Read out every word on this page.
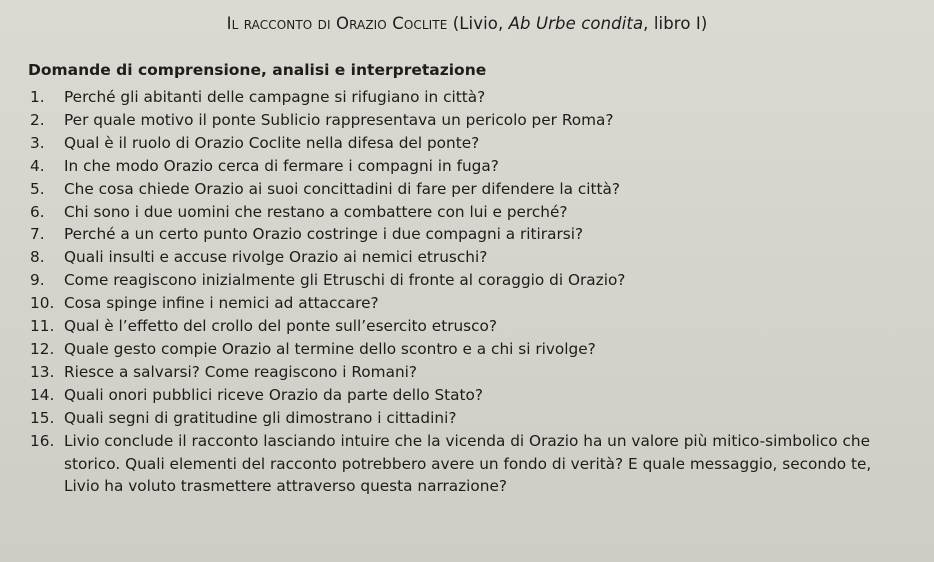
Il racconto di Orazio Coclite (Livio, Ab Urbe condita, libro I)
Domande di comprensione, analisi e interpretazione
1.	Perché gli abitanti delle campagne si rifugiano in città?
2.	Per quale motivo il ponte Sublicio rappresentava un pericolo per Roma?
3.	Qual è il ruolo di Orazio Coclite nella difesa del ponte?
4.	In che modo Orazio cerca di fermare i compagni in fuga?
5.	Che cosa chiede Orazio ai suoi concittadini di fare per difendere la città?
6.	Chi sono i due uomini che restano a combattere con lui e perché?
7.	Perché a un certo punto Orazio costringe i due compagni a ritirarsi?
8.	Quali insulti e accuse rivolge Orazio ai nemici etruschi?
9.	Come reagiscono inizialmente gli Etruschi di fronte al coraggio di Orazio?
10. Cosa spinge infine i nemici ad attaccare?
11. Qual è l’effetto del crollo del ponte sull’esercito etrusco?
12. Quale gesto compie Orazio al termine dello scontro e a chi si rivolge?
13. Riesce a salvarsi? Come reagiscono i Romani?
14. Quali onori pubblici riceve Orazio da parte dello Stato?
15. Quali segni di gratitudine gli dimostrano i cittadini?
16. Livio conclude il racconto lasciando intuire che la vicenda di Orazio ha un valore più mitico-simbolico che storico. Quali elementi del racconto potrebbero avere un fondo di verità? E quale messaggio, secondo te, Livio ha voluto trasmettere attraverso questa narrazione?
